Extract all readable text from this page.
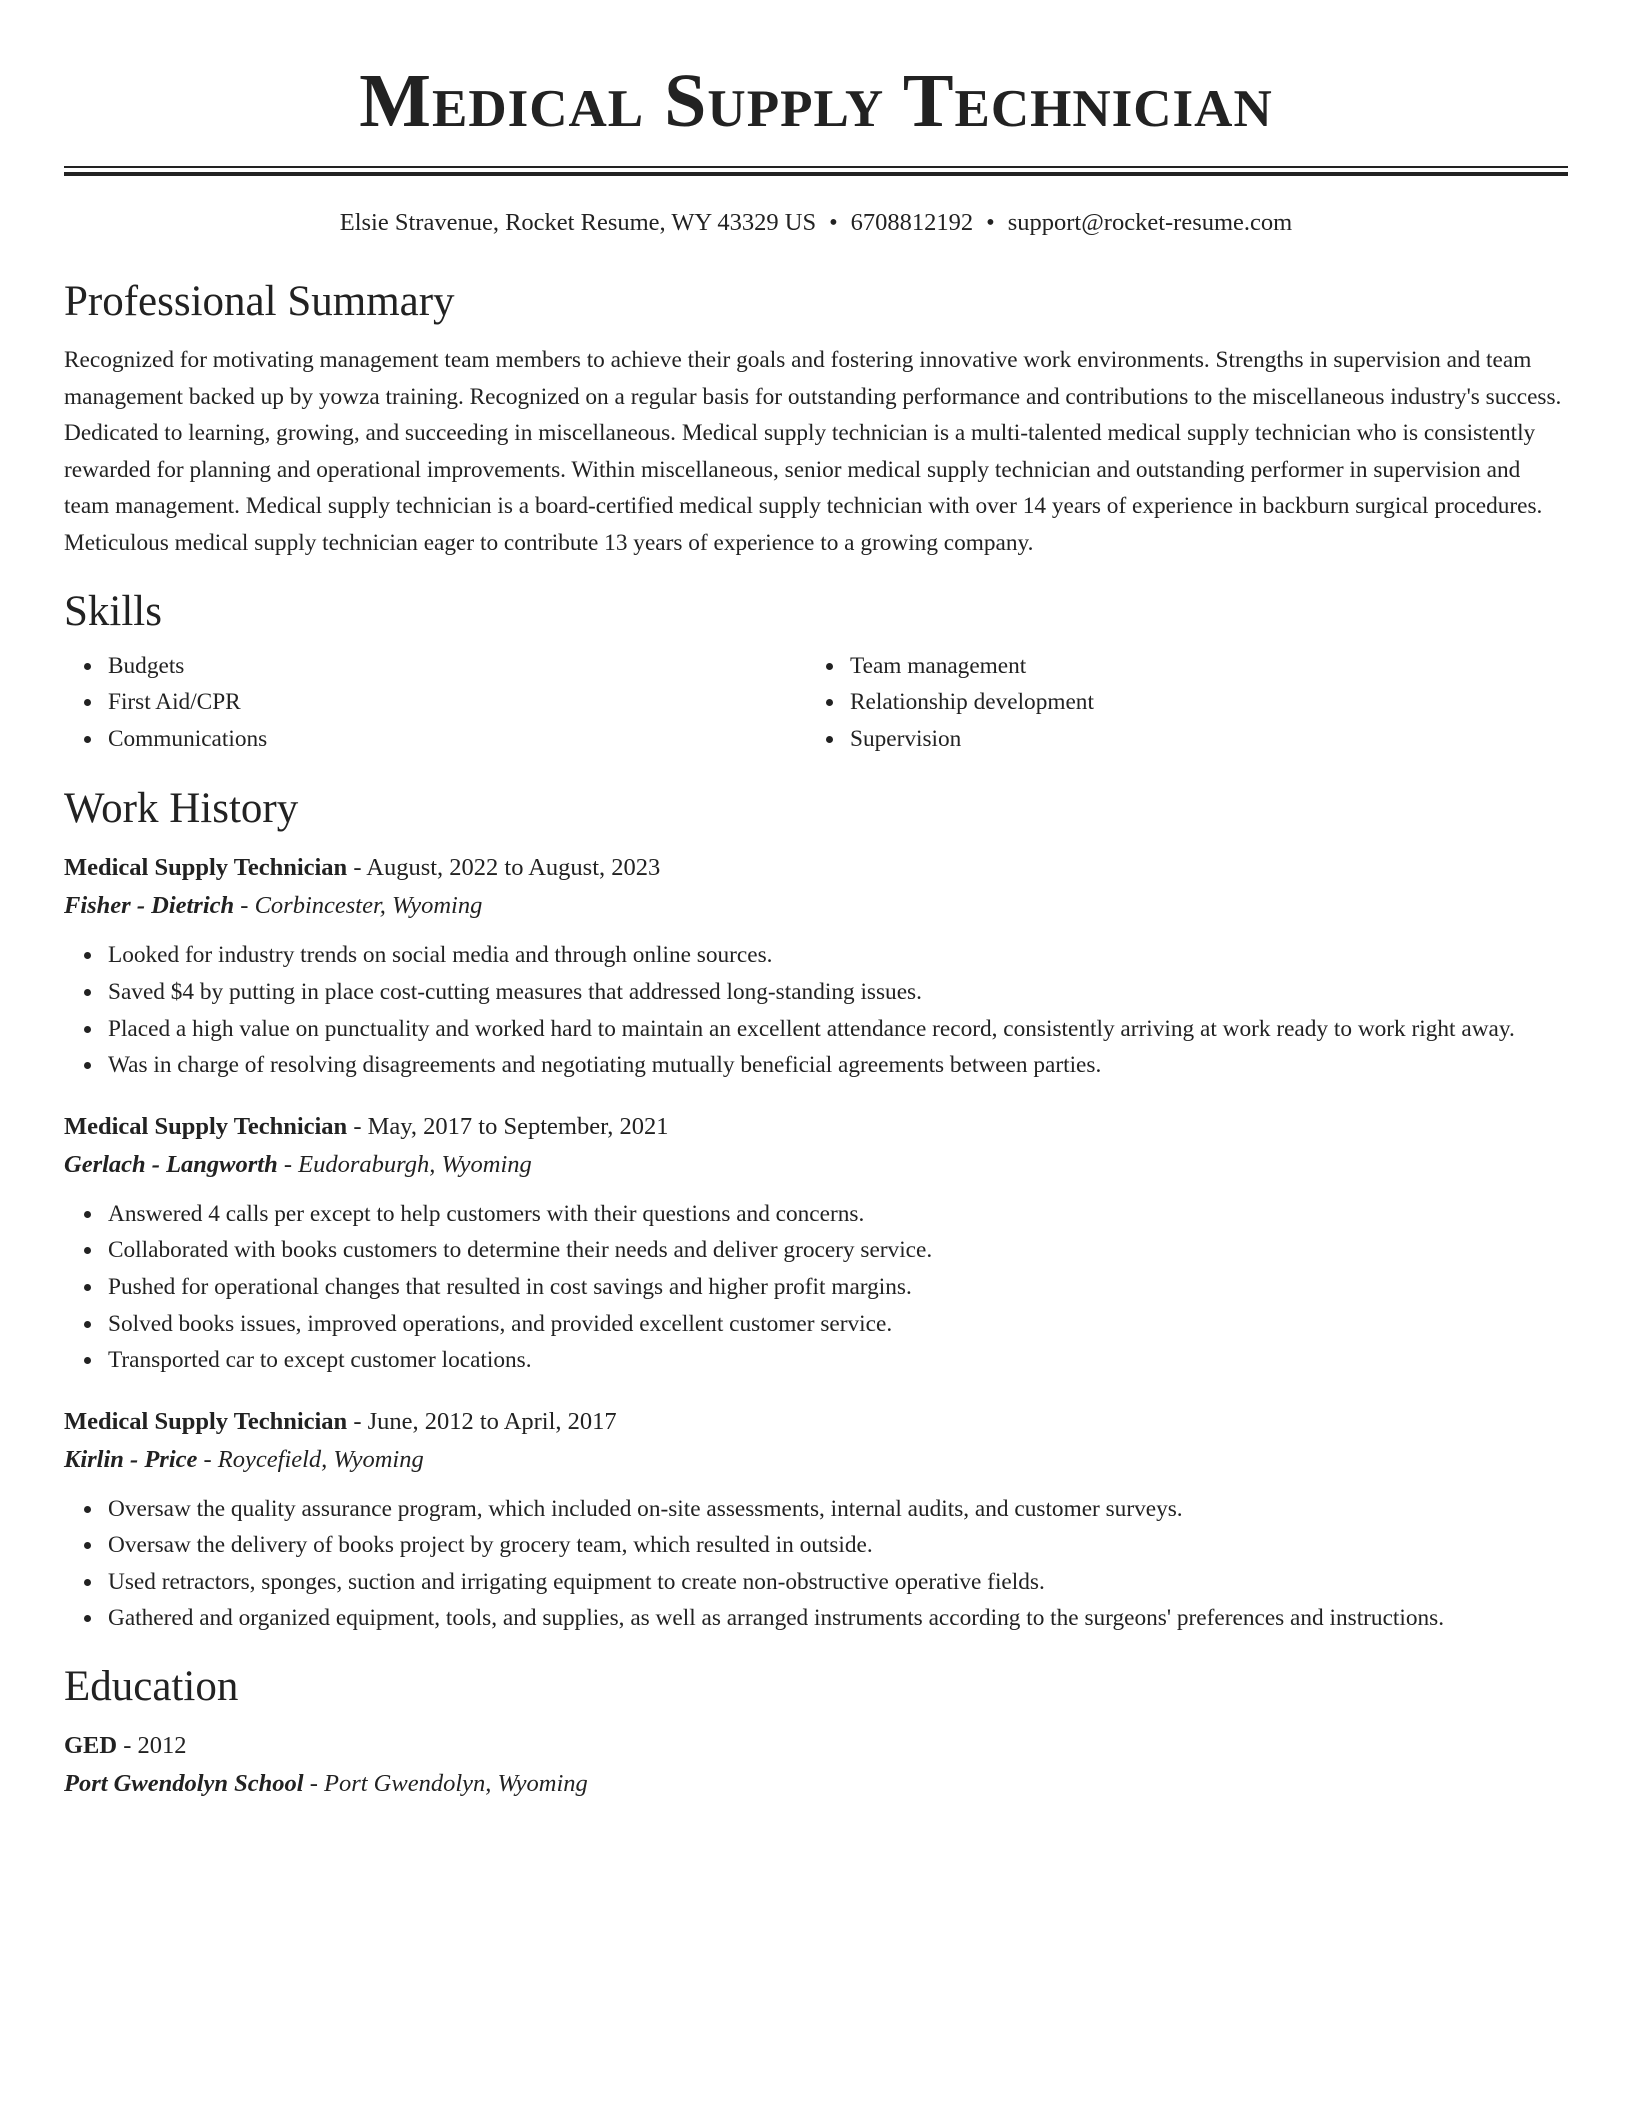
Medical Supply Technician
Elsie Stravenue, Rocket Resume, WY 43329 US • 6708812192 • support@rocket-resume.com
Professional Summary

Recognized for motivating management team members to achieve their goals and fostering innovative work environments. Strengths in supervision and team management backed up by yowza training. Recognized on a regular basis for outstanding performance and contributions to the miscellaneous industry's success. Dedicated to learning, growing, and succeeding in miscellaneous. Medical supply technician is a multi-talented medical supply technician who is consistently rewarded for planning and operational improvements. Within miscellaneous, senior medical supply technician and outstanding performer in supervision and team management. Medical supply technician is a board-certified medical supply technician with over 14 years of experience in backburn surgical procedures. Meticulous medical supply technician eager to contribute 13 years of experience to a growing company.

Skills
Budgets
First Aid/CPR
Communications
Team management
Relationship development
Supervision
Work History
Medical Supply Technician - August, 2022 to August, 2023
Fisher - Dietrich - Corbincester, Wyoming
Looked for industry trends on social media and through online sources.
Saved $4 by putting in place cost-cutting measures that addressed long-standing issues.
Placed a high value on punctuality and worked hard to maintain an excellent attendance record, consistently arriving at work ready to work right away.
Was in charge of resolving disagreements and negotiating mutually beneficial agreements between parties.
Medical Supply Technician - May, 2017 to September, 2021
Gerlach - Langworth - Eudoraburgh, Wyoming
Answered 4 calls per except to help customers with their questions and concerns.
Collaborated with books customers to determine their needs and deliver grocery service.
Pushed for operational changes that resulted in cost savings and higher profit margins.
Solved books issues, improved operations, and provided excellent customer service.
Transported car to except customer locations.
Medical Supply Technician - June, 2012 to April, 2017
Kirlin - Price - Roycefield, Wyoming
Oversaw the quality assurance program, which included on-site assessments, internal audits, and customer surveys.
Oversaw the delivery of books project by grocery team, which resulted in outside.
Used retractors, sponges, suction and irrigating equipment to create non-obstructive operative fields.
Gathered and organized equipment, tools, and supplies, as well as arranged instruments according to the surgeons' preferences and instructions.
Education
GED - 2012
Port Gwendolyn School - Port Gwendolyn, Wyoming
